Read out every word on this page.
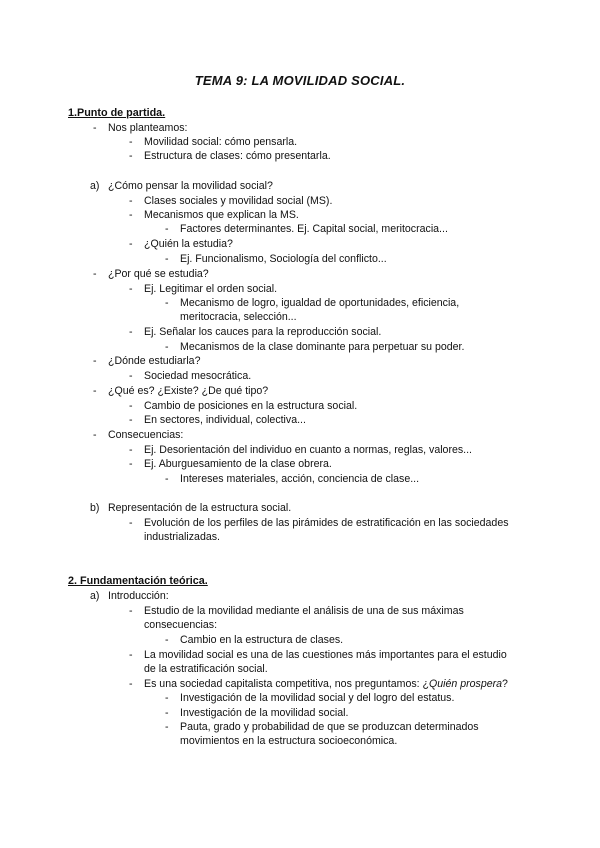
TEMA 9: LA MOVILIDAD SOCIAL.
1.Punto de partida.
- Nos planteamos:
- Movilidad social: cómo pensarla.
- Estructura de clases: cómo presentarla.
a) ¿Cómo pensar la movilidad social?
- Clases sociales y movilidad social (MS).
- Mecanismos que explican la MS.
- Factores determinantes. Ej. Capital social, meritocracia...
- ¿Quién la estudia?
- Ej. Funcionalismo, Sociología del conflicto...
- ¿Por qué se estudia?
- Ej. Legitimar el orden social.
- Mecanismo de logro, igualdad de oportunidades, eficiencia,
meritocracia, selección...
- Ej. Señalar los cauces para la reproducción social.
- Mecanismos de la clase dominante para perpetuar su poder.
- ¿Dónde estudiarla?
- Sociedad mesocrática.
- ¿Qué es? ¿Existe? ¿De qué tipo?
- Cambio de posiciones en la estructura social.
- En sectores, individual, colectiva...
- Consecuencias:
- Ej. Desorientación del individuo en cuanto a normas, reglas, valores...
- Ej. Aburguesamiento de la clase obrera.
- Intereses materiales, acción, conciencia de clase...
b) Representación de la estructura social.
- Evolución de los perfiles de las pirámides de estratificación en las sociedades
industrializadas.
2. Fundamentación teórica.
a) Introducción:
- Estudio de la movilidad mediante el análisis de una de sus máximas
consecuencias:
- Cambio en la estructura de clases.
- La movilidad social es una de las cuestiones más importantes para el estudio
de la estratificación social.
- Es una sociedad capitalista competitiva, nos preguntamos: ¿Quién prospera?
- Investigación de la movilidad social y del logro del estatus.
- Investigación de la movilidad social.
- Pauta, grado y probabilidad de que se produzcan determinados
movimientos en la estructura socioeconómica.
